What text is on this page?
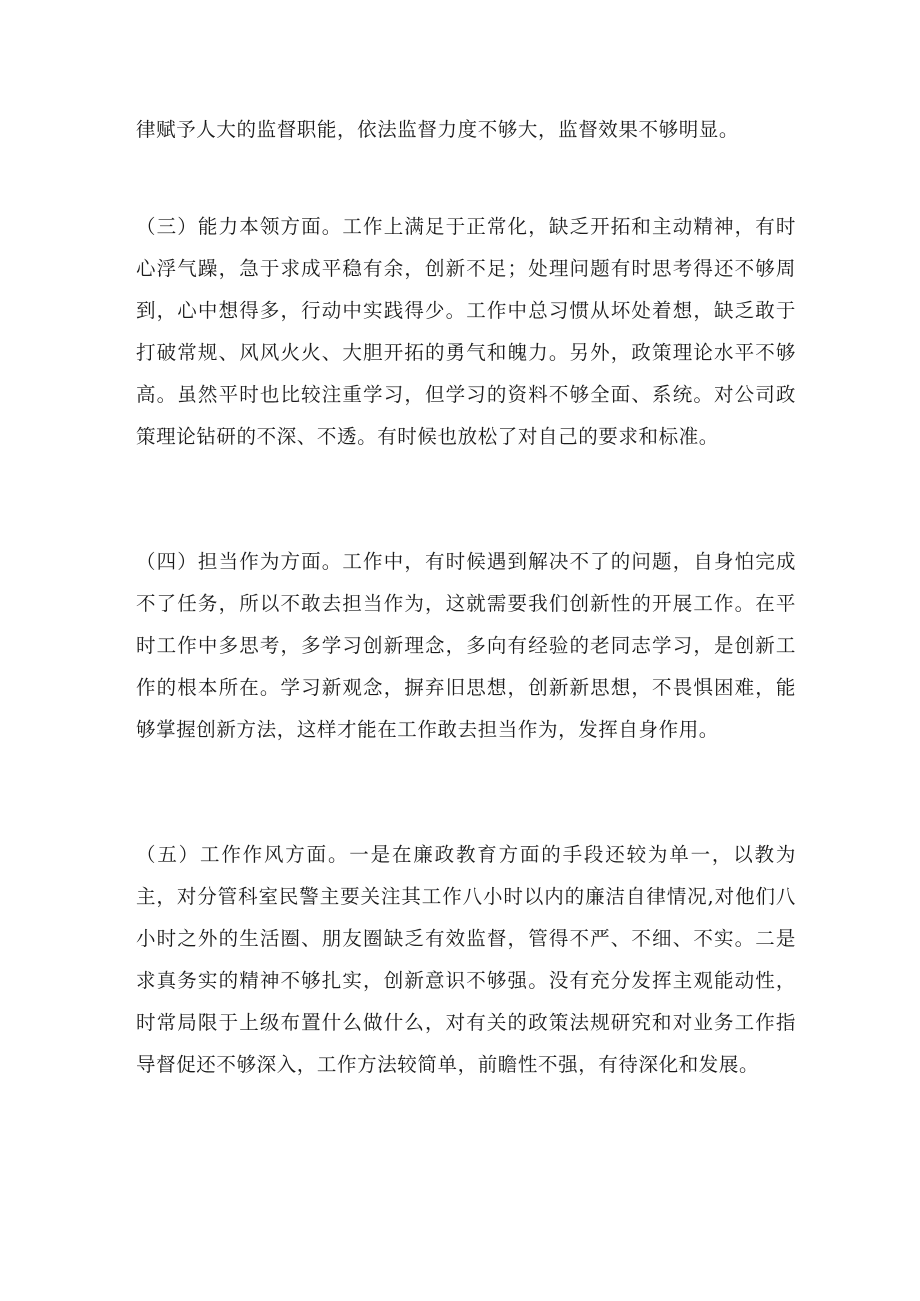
律赋予人大的监督职能，依法监督力度不够大，监督效果不够明显。

（三）能力本领方面。工作上满足于正常化，缺乏开拓和主动精神，有时心浮气躁，急于求成平稳有余，创新不足；处理问题有时思考得还不够周到，心中想得多，行动中实践得少。工作中总习惯从坏处着想，缺乏敢于打破常规、风风火火、大胆开拓的勇气和魄力。另外，政策理论水平不够高。虽然平时也比较注重学习，但学习的资料不够全面、系统。对公司政策理论钻研的不深、不透。有时候也放松了对自己的要求和标准。

（四）担当作为方面。工作中，有时候遇到解决不了的问题，自身怕完成不了任务，所以不敢去担当作为，这就需要我们创新性的开展工作。在平时工作中多思考，多学习创新理念，多向有经验的老同志学习，是创新工作的根本所在。学习新观念，摒弃旧思想，创新新思想，不畏惧困难，能够掌握创新方法，这样才能在工作敢去担当作为，发挥自身作用。

（五）工作作风方面。一是在廉政教育方面的手段还较为单一，以教为主，对分管科室民警主要关注其工作八小时以内的廉洁自律情况,对他们八小时之外的生活圈、朋友圈缺乏有效监督，管得不严、不细、不实。二是求真务实的精神不够扎实，创新意识不够强。没有充分发挥主观能动性，时常局限于上级布置什么做什么，对有关的政策法规研究和对业务工作指导督促还不够深入，工作方法较简单，前瞻性不强，有待深化和发展。
